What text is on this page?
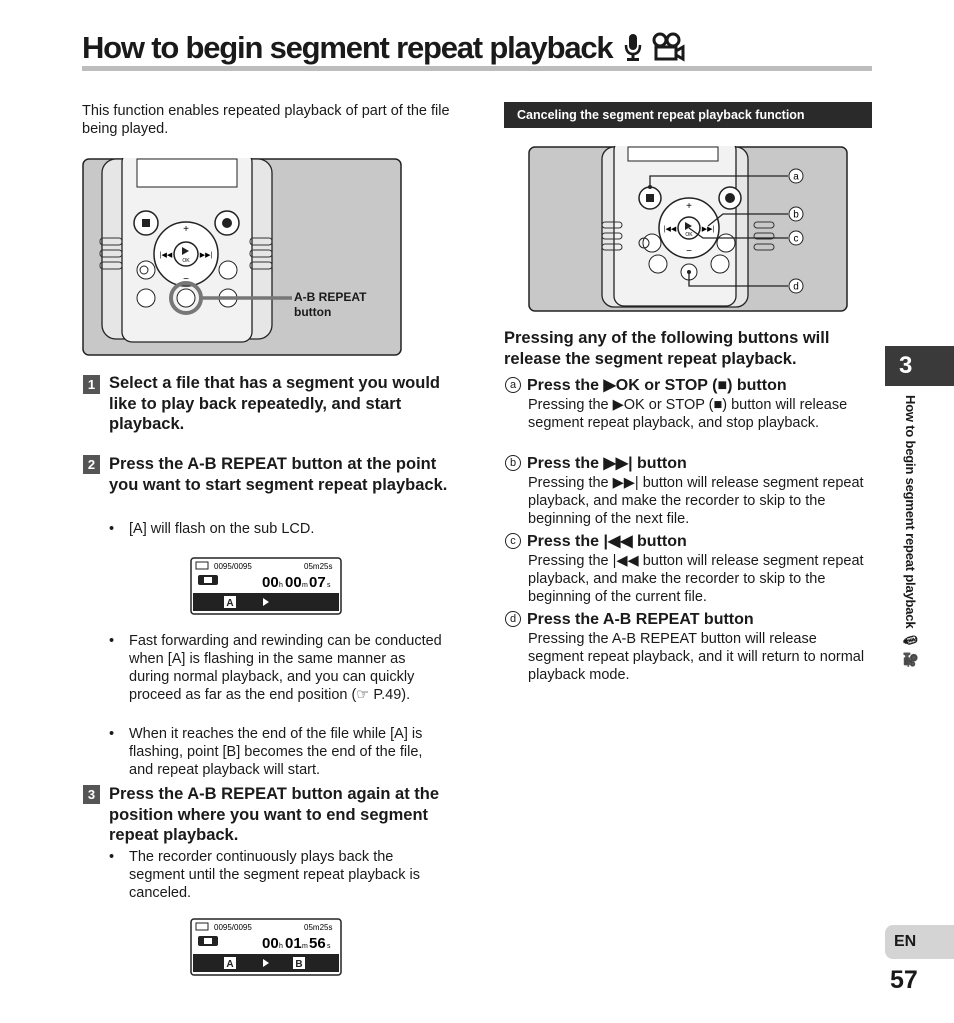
How to begin segment repeat playback
This function enables repeated playback of part of the file being played.
OK
+
−
|◀◀	▶▶|
A-B REPEAT
button
1 Select a file that has a segment you would like to play back repeatedly, and start playback.
2 Press the A-B REPEAT button at the point you want to start segment repeat playback.
• [A] will flash on the sub LCD.
0095/0095	05m25s
00 h 00 m 07 s
A
• Fast forwarding and rewinding can be conducted when [A] is flashing in the same manner as during normal playback, and you can quickly proceed as far as the end position (☞ P.49).
• When it reaches the end of the file while [A] is flashing, point [B] becomes the end of the file, and repeat playback will start.
3 Press the A-B REPEAT button again at the position where you want to end segment repeat playback.
• The recorder continuously plays back the segment until the segment repeat playback is canceled.
0095/0095	05m25s
00 h 01 m 56 s
A	B
Canceling the segment repeat playback function
OK
+
−
|◀◀	▶▶|
a
b
c
d
Pressing any of the following buttons will release the segment repeat playback.
a Press the ▶OK or STOP (■) button
Pressing the ▶OK or STOP (■) button will release segment repeat playback, and stop playback.
b Press the ▶▶| button
Pressing the ▶▶| button will release segment repeat playback, and make the recorder to skip to the beginning of the next file.
c Press the |◀◀ button
Pressing the |◀◀ button will release segment repeat playback, and make the recorder to skip to the beginning of the current file.
d Press the A-B REPEAT button
Pressing the A-B REPEAT button will release segment repeat playback, and it will return to normal playback mode.
3
How to begin segment repeat playback 🎙 🎥
EN
57
